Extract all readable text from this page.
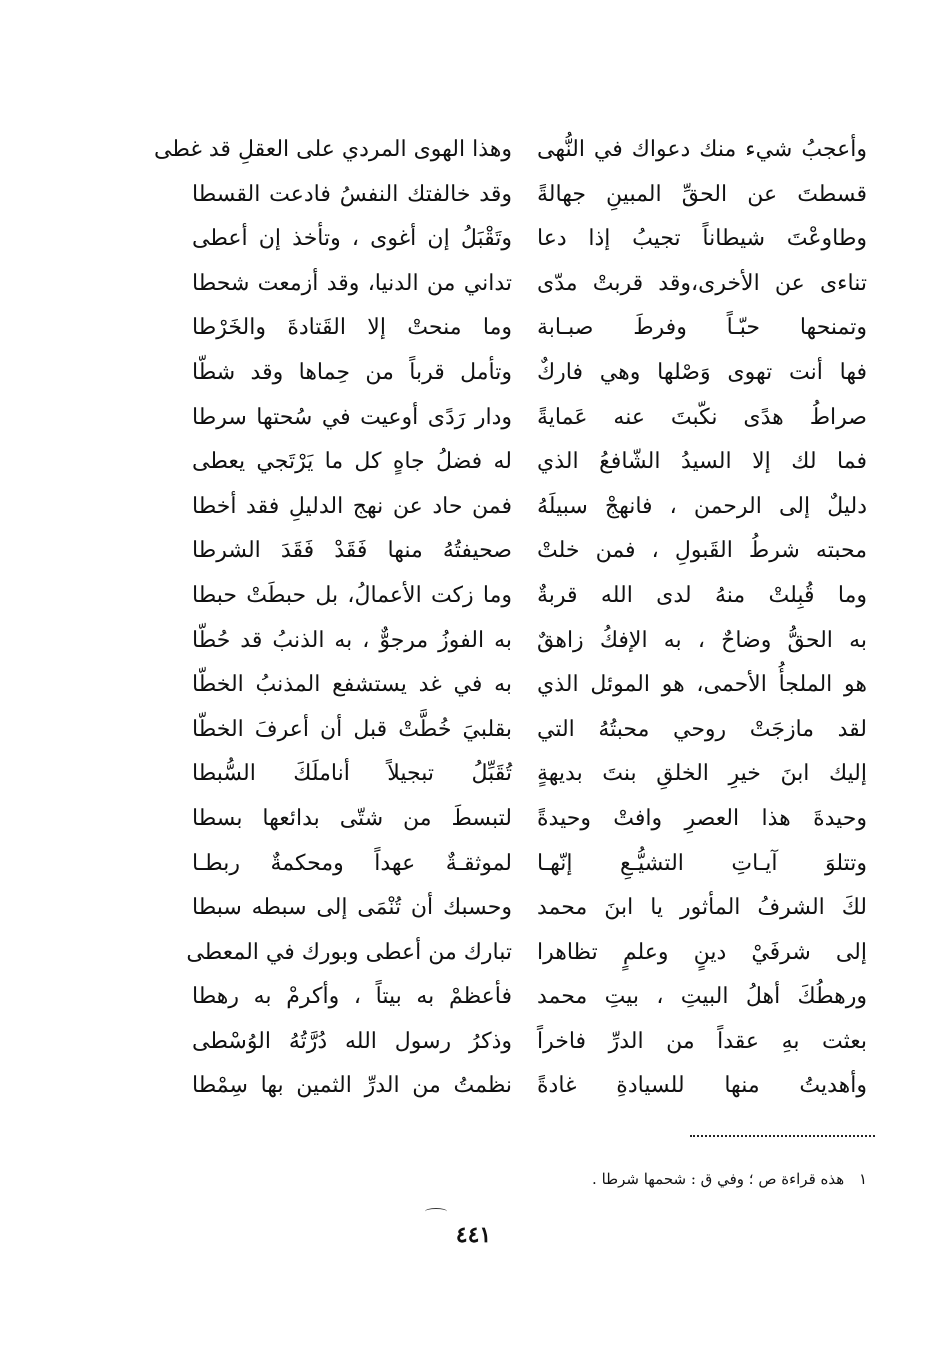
وأعجبُ شيء منك دعواك في النُّهى
قسطتَ عن الحقِّ المبينِ جهالةً
وطاوعْتَ شيطاناً تجيبُ إذا دعا
تناءى عن الأخرى،وقد قربتْ مدّى
وتمنحها حبّـاً وفرطَ صبـابة
فها أنت تهوى وَصْلها وهي فاركٌ
صراطُ هدًى نكّبتَ عنه عَمايةً
فما لك إلا السيدُ الشّافعُ الذي
دليلٌ إلى الرحمن ، فانهجْ سبيلَهُ
محبته شرطُ القَبولِ ، فمن خلتْ
وما قُبِلتْ منهُ لدى الله قربةٌ
به الحقُّ وضاحٌ ، به الإفكُ زاهقٌ
هو الملجأُ الأحمى، هو الموئل الذي
لقد مازجَتْ روحي محبتُهُ التي
إليك ابنَ خيرِ الخلقِ بنتَ بديهةٍ
وحيدةَ هذا العصرِ وافتْ وحيدةً
وتتلوَ آيـاتِ التشيُّـعِ إنّهـا
لكَ الشرفُ المأثور يا ابنَ محمد
إلى شرفَيْ دينٍ وعلمٍ تظاهرا
ورهطُكَ أهلُ البيتِ ، بيتِ محمد
بعثت بهِ عقداً من الدرِّ فاخراً
وأهديتُ منها للسيادةِ غادةً
وهذا الهوى المردي على العقلِ قد غطى
وقد خالفتك النفسُ فادعت القسطا
وتَقْبَلُ إن أغوى ، وتأخذ إن أعطى
تداني من الدنيا، وقد أزمعت شحطا
وما منحتْ إلا القَتادةَ والخَرْطا
وتأمل قرباً من حِماها وقد شطّا
ودار رَدًى أوعيت في سُحتها سرطا
له فضلُ جاهٍ كل ما يَرْتَجي يعطى
فمن حاد عن نهج الدليلِ فقد أخطا
صحيفتُهُ منها فَقَدْ فَقَدَ الشرطا
وما زكت الأعمالُ، بل حبطَتْ حبطا
به الفوزُ مرجوٌّ ، به الذنبُ قد حُطّا
به في غد يستشفع المذنبُ الخطّا
بقلبيَ خُطَّتْ قبل أن أعرفَ الخطّا
تُقَبِّلُ تبجيلاً أناملَكَ السُّبطا
لتبسطَ من شتّى بدائعها بسطا
لموثقـةٌ عهداً ومحكمةٌ ربطـا
وحسبك أن تُنْمَى إلى سبطه سبطا
تبارك من أعطى وبورك في المعطى
فأعظمْ به بيتاً ، وأكرمْ به رهطا
وذكرُ رسول الله دُرَّتُهُ الوُسْطى
نظمتُ من الدرِّ الثمين بها سِمْطا
١ هذه قراءة ص ؛ وفي ق : شحمها شرطا .
٤٤١
